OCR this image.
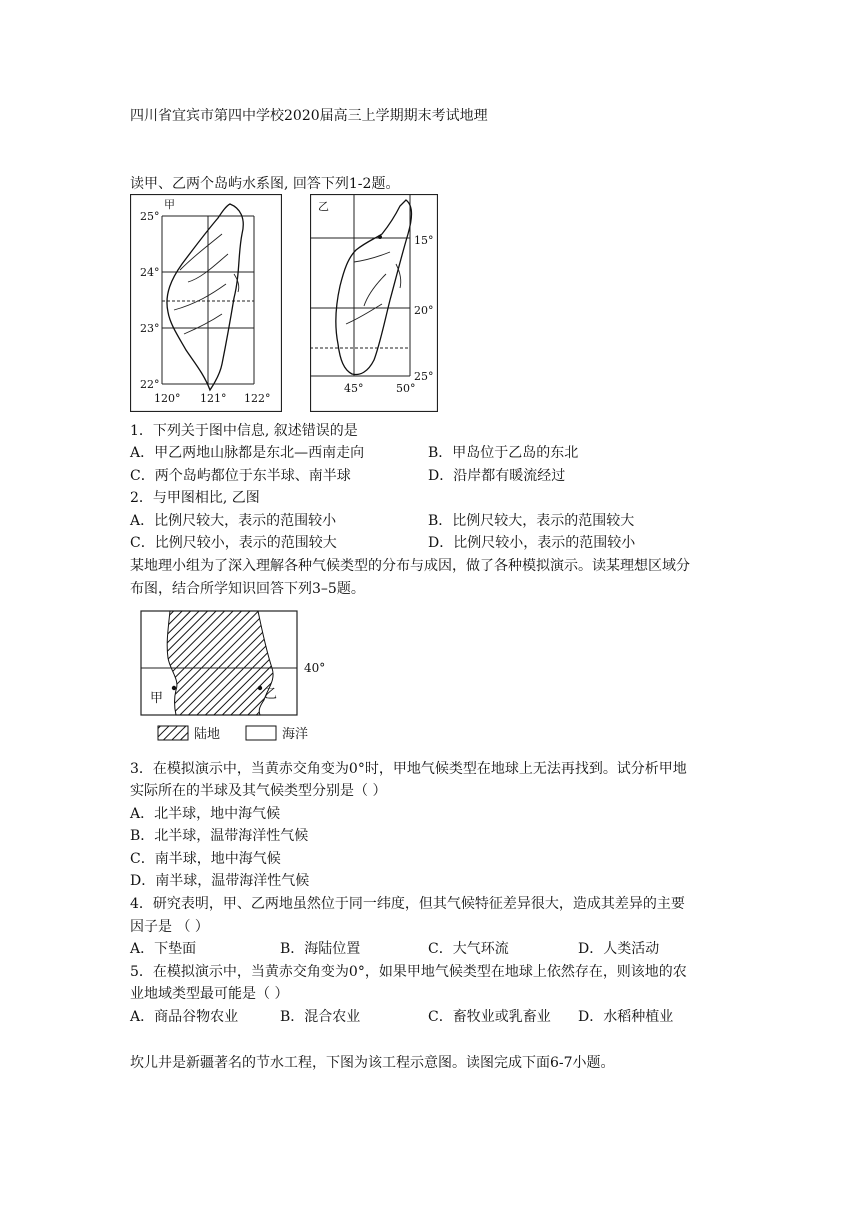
四川省宜宾市第四中学校2020届高三上学期期末考试地理
读甲、乙两个岛屿水系图, 回答下列1-2题。
甲
25°
24°
23°
22°
120° 121° 122°
乙
15°
20°
25°
45°	50°
1．下列关于图中信息, 叙述错误的是
A．甲乙两地山脉都是东北—西南走向	B．甲岛位于乙岛的东北
C．两个岛屿都位于东半球、南半球	D．沿岸都有暖流经过
2．与甲图相比, 乙图
A．比例尺较大，表示的范围较小	B．比例尺较大，表示的范围较大
C．比例尺较小，表示的范围较大	D．比例尺较小，表示的范围较小
某地理小组为了深入理解各种气候类型的分布与成因，做了各种模拟演示。读某理想区域分
布图，结合所学知识回答下列3–5题。
40°
甲	乙
陆地	海洋
3．在模拟演示中，当黄赤交角变为0°时，甲地气候类型在地球上无法再找到。试分析甲地
实际所在的半球及其气候类型分别是（ ）
A．北半球，地中海气候
B．北半球，温带海洋性气候
C．南半球，地中海气候
D．南半球，温带海洋性气候
4．研究表明，甲、乙两地虽然位于同一纬度，但其气候特征差异很大，造成其差异的主要
因子是 （ ）
A．下垫面	B．海陆位置	C．大气环流	D．人类活动
5．在模拟演示中，当黄赤交角变为0°，如果甲地气候类型在地球上依然存在，则该地的农
业地域类型最可能是（ ）
A．商品谷物农业	B．混合农业	C．畜牧业或乳畜业 D．水稻种植业
坎儿井是新疆著名的节水工程，下图为该工程示意图。读图完成下面6-7小题。
